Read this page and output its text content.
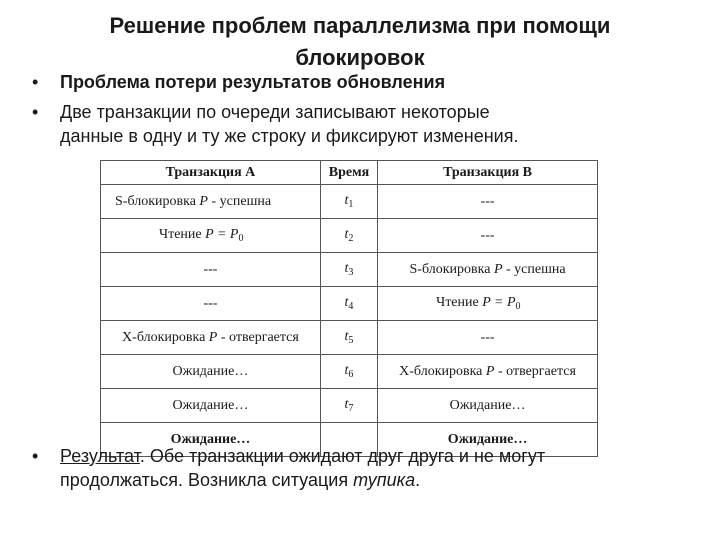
Решение проблем параллелизма при помощи блокировок
• Проблема потери результатов обновления
• Две транзакции по очереди записывают некоторые
данные в одну и ту же строку и фиксируют изменения.
Транзакция A	Время	Транзакция B
S-блокировка P - успешна	$t_1$	---
Чтение $P = P_0$	$t_2$	---
---	$t_3$	S-блокировка P - успешна
---	$t_4$	Чтение $P = P_0$
X-блокировка P - отвергается	$t_5$	---
Ожидание…	$t_6$	X-блокировка P - отвергается
Ожидание…	$t_7$	Ожидание…
Ожидание…		Ожидание…
• Результат. Обе транзакции ожидают друг друга и не могут
продолжаться. Возникла ситуация тупика.
